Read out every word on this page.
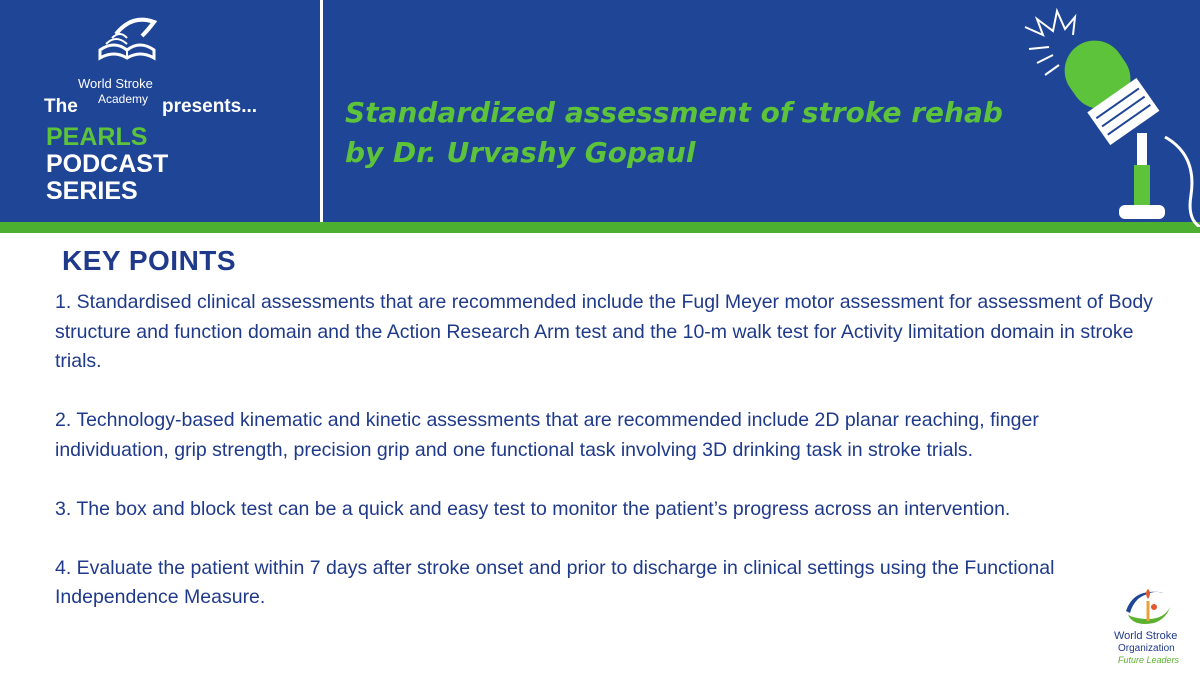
World Stroke
Academy
The	presents...
PEARLS
PODCAST
SERIES
Standardized assessment of stroke rehab
by Dr. Urvashy Gopaul
KEY POINTS

1. Standardised clinical assessments that are recommended include the Fugl Meyer motor assessment for assessment of Body structure and function domain and the Action Research Arm test and the 10-m walk test for Activity limitation domain in stroke trials.

2. Technology-based kinematic and kinetic assessments that are recommended include 2D planar reaching, finger individuation, grip strength, precision grip and one functional task involving 3D drinking task in stroke trials.

3. The box and block test can be a quick and easy test to monitor the patient’s progress across an intervention.

4. Evaluate the patient within 7 days after stroke onset and prior to discharge in clinical settings using the Functional Independence Measure.

World Stroke
Organization
Future Leaders
